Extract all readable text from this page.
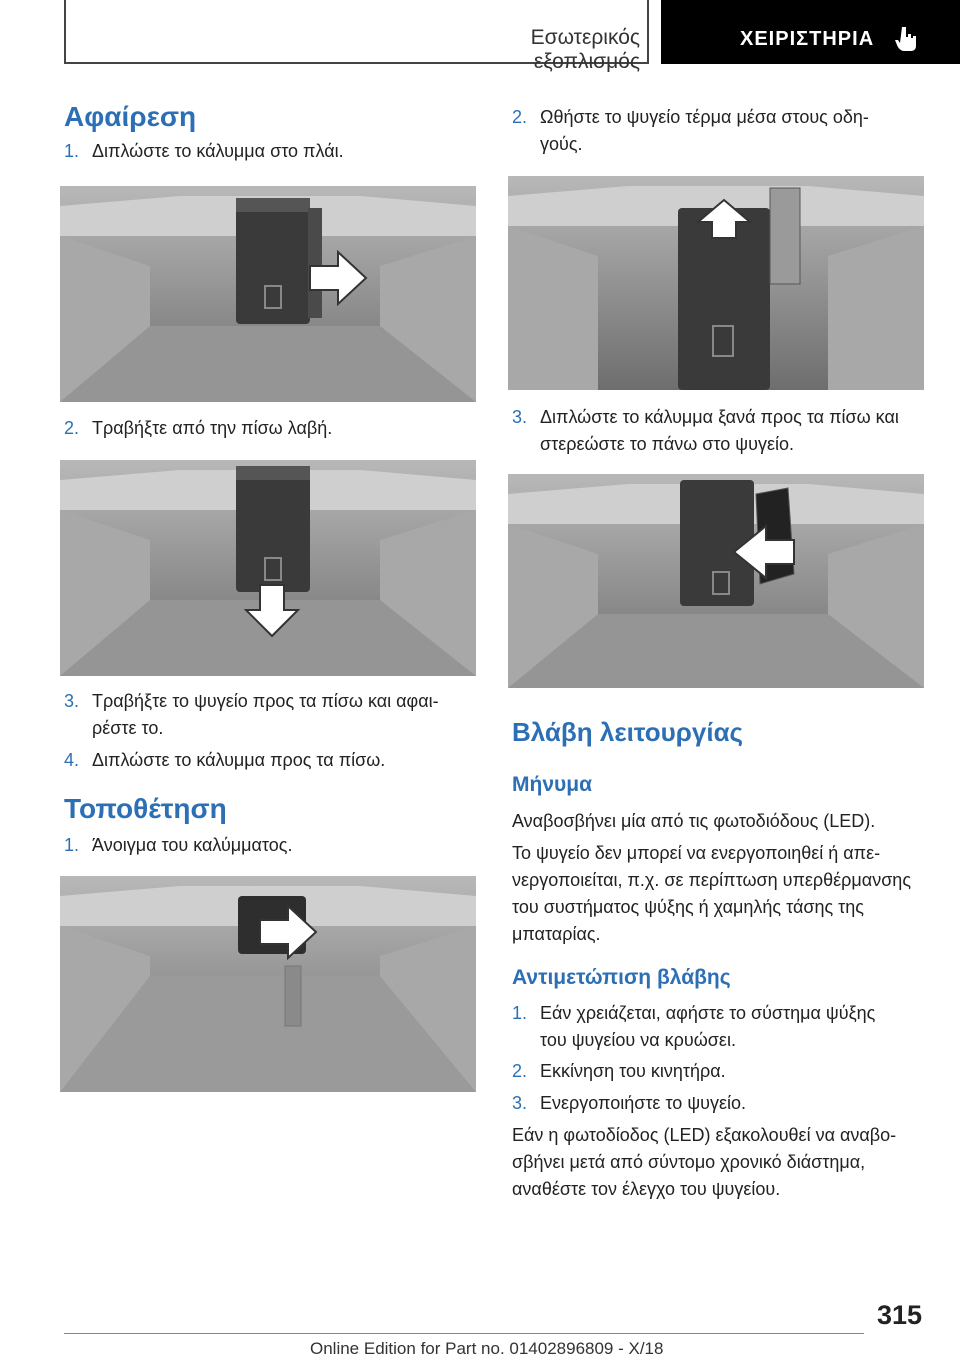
Εσωτερικός εξοπλισμός
ΧΕΙΡΙΣΤΗΡΙΑ
Αφαίρεση
1. Διπλώστε το κάλυμμα στο πλάι.
2. Τραβήξτε από την πίσω λαβή.
3. Τραβήξτε το ψυγείο προς τα πίσω και αφαι-
ρέστε το.
4. Διπλώστε το κάλυμμα προς τα πίσω.
Τοποθέτηση
1. Άνοιγμα του καλύμματος.
2. Ωθήστε το ψυγείο τέρμα μέσα στους οδη-
γούς.
3. Διπλώστε το κάλυμμα ξανά προς τα πίσω και
στερεώστε το πάνω στο ψυγείο.
Βλάβη λειτουργίας
Μήνυμα
Αναβοσβήνει μία από τις φωτοδιόδους (LED).
Το ψυγείο δεν μπορεί να ενεργοποιηθεί ή απε-
νεργοποιείται, π.χ. σε περίπτωση υπερθέρμανσης
του συστήματος ψύξης ή χαμηλής τάσης της
μπαταρίας.
Αντιμετώπιση βλάβης
1. Εάν χρειάζεται, αφήστε το σύστημα ψύξης
του ψυγείου να κρυώσει.
2. Εκκίνηση του κινητήρα.
3. Ενεργοποιήστε το ψυγείο.
Εάν η φωτοδίοδος (LED) εξακολουθεί να αναβο-
σβήνει μετά από σύντομο χρονικό διάστημα,
αναθέστε τον έλεγχο του ψυγείου.
315
Online Edition for Part no. 01402896809 - X/18
